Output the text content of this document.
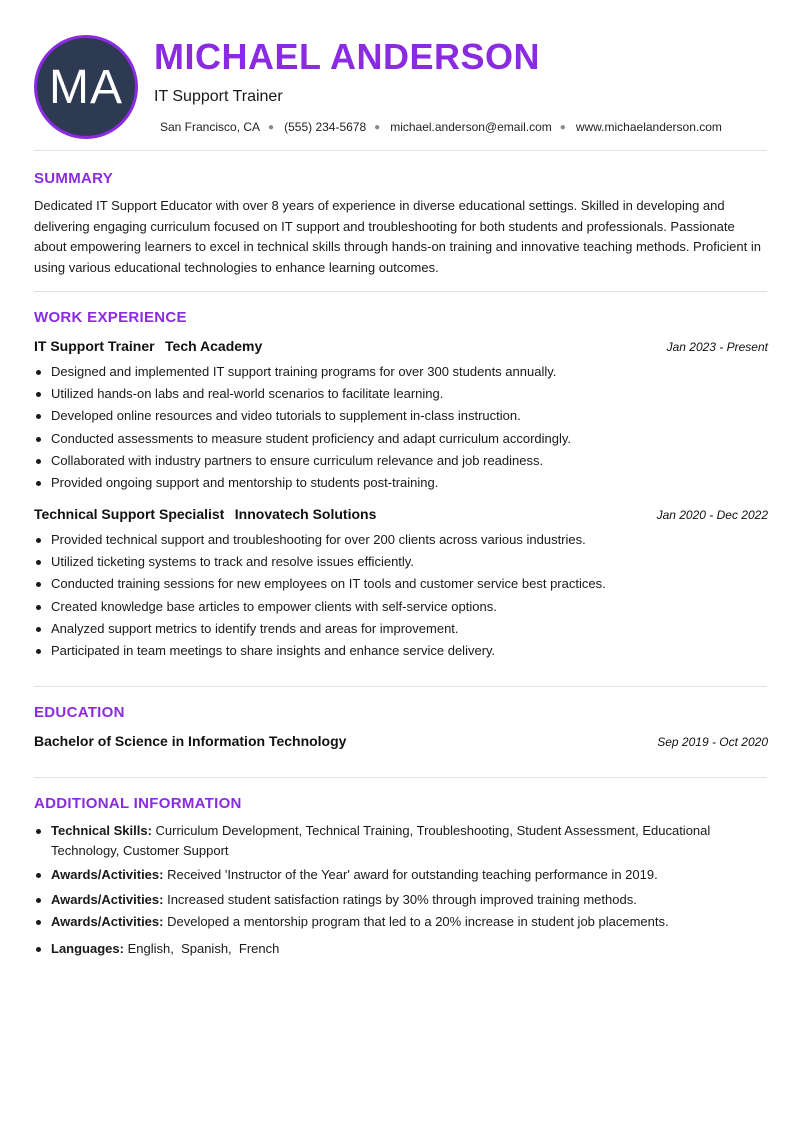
MA
MICHAEL ANDERSON
IT Support Trainer
San Francisco, CA ● (555) 234-5678 ● michael.anderson@email.com ● www.michaelanderson.com
SUMMARY

Dedicated IT Support Educator with over 8 years of experience in diverse educational settings. Skilled in developing and delivering engaging curriculum focused on IT support and troubleshooting for both students and professionals. Passionate about empowering learners to excel in technical skills through hands-on training and innovative teaching methods. Proficient in using various educational technologies to enhance learning outcomes.

WORK EXPERIENCE
IT Support Trainer Tech Academy	Jan 2023 - Present
Designed and implemented IT support training programs for over 300 students annually.
Utilized hands-on labs and real-world scenarios to facilitate learning.
Developed online resources and video tutorials to supplement in-class instruction.
Conducted assessments to measure student proficiency and adapt curriculum accordingly.
Collaborated with industry partners to ensure curriculum relevance and job readiness.
Provided ongoing support and mentorship to students post-training.
Technical Support Specialist Innovatech Solutions	Jan 2020 - Dec 2022
Provided technical support and troubleshooting for over 200 clients across various industries.
Utilized ticketing systems to track and resolve issues efficiently.
Conducted training sessions for new employees on IT tools and customer service best practices.
Created knowledge base articles to empower clients with self-service options.
Analyzed support metrics to identify trends and areas for improvement.
Participated in team meetings to share insights and enhance service delivery.
EDUCATION
Bachelor of Science in Information Technology	Sep 2019 - Oct 2020
ADDITIONAL INFORMATION
Technical Skills: Curriculum Development, Technical Training, Troubleshooting, Student Assessment, Educational Technology, Customer Support
Awards/Activities: Received 'Instructor of the Year' award for outstanding teaching performance in 2019.
Awards/Activities: Increased student satisfaction ratings by 30% through improved training methods.
Awards/Activities: Developed a mentorship program that led to a 20% increase in student job placements.
Languages: English,  Spanish,  French
